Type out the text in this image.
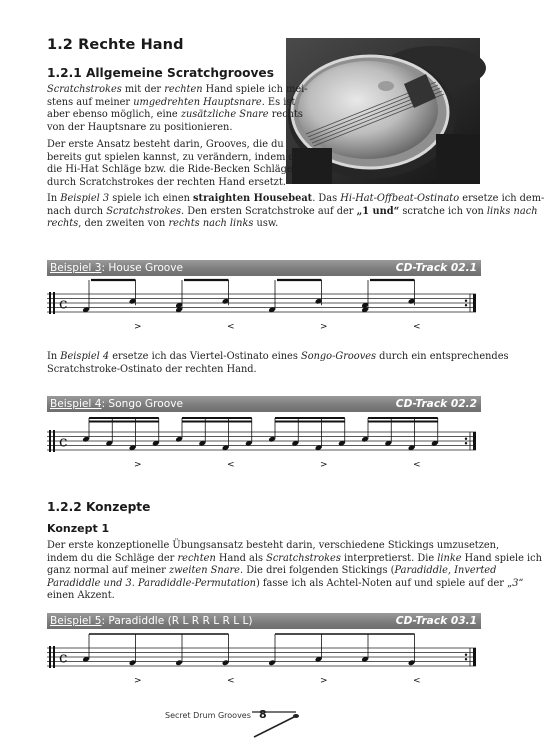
1.2 Rechte Hand
1.2.1 Allgemeine Scratchgrooves

Scratchstrokes mit der rechten Hand spiele ich mei-
stens auf meiner umgedrehten Hauptsnare. Es ist
aber ebenso möglich, eine zusätzliche Snare rechts
von der Hauptsnare zu positionieren.

Der erste Ansatz besteht darin, Grooves, die du
bereits gut spielen kannst, zu verändern, indem du
die Hi-Hat Schläge bzw. die Ride-Becken Schläge
durch Scratchstrokes der rechten Hand ersetzt.

In Beispiel 3 spiele ich einen straighten Housebeat. Das Hi-Hat-Offbeat-Ostinato ersetze ich dem-
nach durch Scratchstrokes. Den ersten Scratchstroke auf der „1 und“ scratche ich von links nach
rechts, den zweiten von rechts nach links usw.

Beispiel 3: House Groove	CD-Track 02.1
c
>	<	>	<

In Beispiel 4 ersetze ich das Viertel-Ostinato eines Songo-Grooves durch ein entsprechendes
Scratchstroke-Ostinato der rechten Hand.

Beispiel 4: Songo Groove	CD-Track 02.2
c
>	<	>	<
1.2.2 Konzepte
Konzept 1

Der erste konzeptionelle Übungsansatz besteht darin, verschiedene Stickings umzusetzen,
indem du die Schläge der rechten Hand als Scratchstrokes interpretierst. Die linke Hand spiele ich
ganz normal auf meiner zweiten Snare. Die drei folgenden Stickings (Paradiddle, Inverted
Paradiddle und 3. Paradiddle-Permutation) fasse ich als Achtel-Noten auf und spiele auf der „3“
einen Akzent.

Beispiel 5: Paradiddle (R L R R L R L L)	CD-Track 03.1
c
>	<	>	<
Secret Drum Grooves 8
